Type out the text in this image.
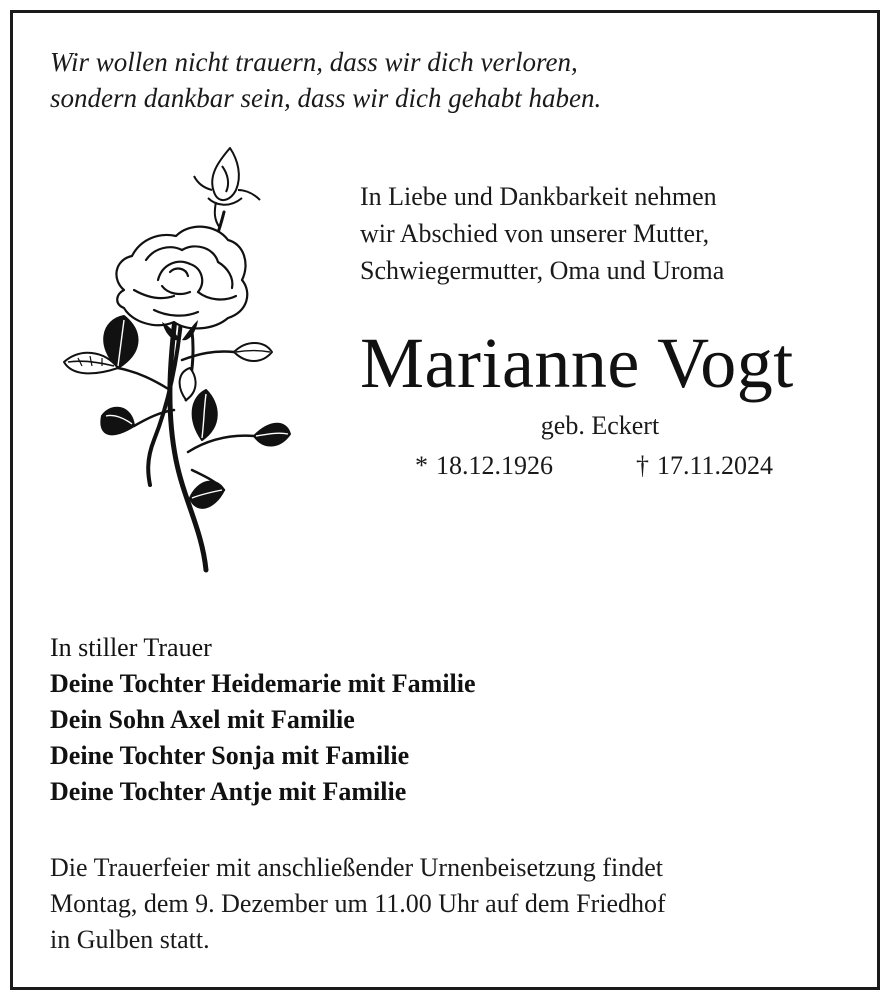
Wir wollen nicht trauern, dass wir dich verloren,
sondern dankbar sein, dass wir dich gehabt haben.
In Liebe und Dankbarkeit nehmen
wir Abschied von unserer Mutter,
Schwiegermutter, Oma und Uroma
Marianne Vogt
geb. Eckert
* 18.12.1926	† 17.11.2024
In stiller Trauer
Deine Tochter Heidemarie mit Familie
Dein Sohn Axel mit Familie
Deine Tochter Sonja mit Familie
Deine Tochter Antje mit Familie
Die Trauerfeier mit anschließender Urnenbeisetzung findet
Montag, dem 9. Dezember um 11.00 Uhr auf dem Friedhof
in Gulben statt.
